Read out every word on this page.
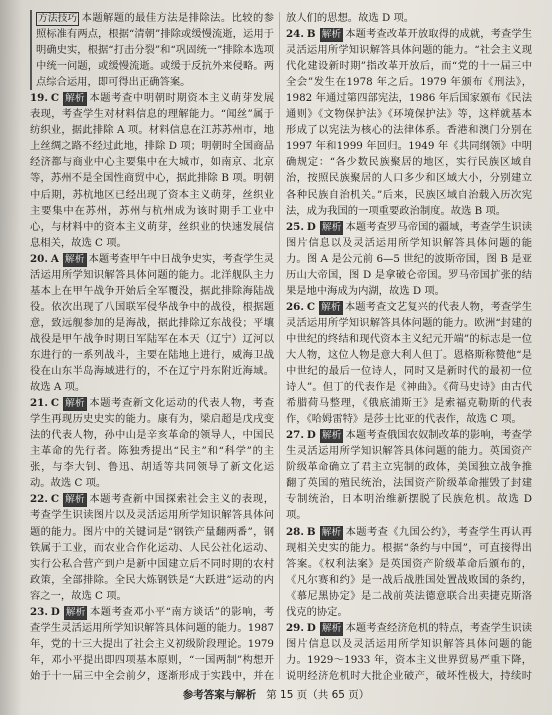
方法技巧 本题解题的最佳方法是排除法。比较的参照标准有两点，根据“清朝”排除或缓慢流逝，运用于明确史实，根据“打击分裂”和“巩固统一”排除本选项中统一问题，或缓慢流逝。或缓于反抗外来侵略。两点综合运用，即可得出正确答案。

19. C 解析 本题考查中明朝时期资本主义萌芽发展表现，考查学生对材料信息的理解能力。“闻丝”属于纺织业，据此排除 A 项。材料信息在江苏苏州市，地上丝绸之路不经过此地，排除 D 项；明朝时全国商品经济都与商业中心主要集中在大城市，如南京、北京等，苏州不是全国性商贸中心，据此排除 B 项。明朝中后期，苏杭地区已经出现了资本主义萌芽，丝织业主要集中在苏州，苏州与杭州成为该时期手工业中心，与材料中的资本主义萌芽，丝织业的快速发展信息相关，故选 C 项。

20. A 解析 本题考查甲午中日战争史实，考查学生灵活运用所学知识解答具体问题的能力。北洋舰队主力基本上在甲午战争开始后全军覆没，据此排除海陆战役。依次出现了八国联军侵华战争中的战役，根据题意，致远舰参加的是海战，据此排除辽东战役；平壤战役是甲午战争时期日军陆军在本天（辽宁）辽河以东进行的一系列战斗，主要在陆地上进行，威海卫战役在山东半岛海域进行的，不在辽宁丹东附近海域。故选 A 项。

21. C 解析 本题考查新文化运动的代表人物，考查学生再现历史史实的能力。康有为，梁启超是戊戌变法的代表人物，孙中山是辛亥革命的领导人，中国民主革命的先行者。陈独秀提出“民主”和“科学”的主张，与李大钊、鲁迅、胡适等共同领导了新文化运动。故选 C 项。

22. C 解析 本题考查新中国探索社会主义的表现，考查学生识读图片以及灵活运用所学知识解答具体问题的能力。图片中的关键词是“钢铁产量翻两番”，钢铁属于工业，而农业合作化运动、人民公社化运动、实行公私合营产到户是新中国建立后不同时期的农村政策，全部排除。全民大炼钢铁是“大跃进”运动的内容之一，故选 C 项。

23. D 解析 本题考查邓小平“南方谈话”的影响，考查学生灵活运用所学知识解答具体问题的能力。1987年，党的十三大提出了社会主义初级阶段理论。1979 年，邓小平提出即四项基本原则，“一国两制”构想开始于十一届三中全会前夕，逐渐形成于实践中，并在

放人们的思想。故选 D 项。

24. B 解析 本题考查改革开放取得的成就，考查学生灵活运用所学知识解答具体问题的能力。“社会主义现代化建设新时期”指改革开放后，而“党的十一届三中全会”发生在1978 年之后。1979 年颁布《刑法》，1982 年通过第四部宪法，1986 年后国家颁布《民法通则》《文物保护法》《环境保护法》等，这样就基本形成了以宪法为核心的法律体系。香港和澳门分别在1997 年和1999 年回归。1949 年《共同纲领》中明确规定：“各少数民族聚居的地区，实行民族区域自治，按照民族聚居的人口多少和区域大小，分别建立各种民族自治机关。”后来，民族区域自治载入历次宪法，成为我国的一项重要政治制度。故选 B 项。

25. D 解析 本题考查罗马帝国的疆域，考查学生识读图片信息以及灵活运用所学知识解答具体问题的能力。图 A 是公元前 6—5 世纪的波斯帝国，图 B 是亚历山大帝国，图 D 是拿破仑帝国。罗马帝国扩张的结果是地中海成为内湖，故选 D 项。

26. C 解析 本题考查文艺复兴的代表人物，考查学生灵活运用所学知识解答具体问题的能力。欧洲“封建的中世纪的终结和现代资本主义纪元开端”的标志是一位大人物，这位人物是意大利人但丁。恩格斯称赞他“是中世纪的最后一位诗人，同时又是新时代的最初一位诗人”。但丁的代表作是《神曲》。《荷马史诗》由古代希腊荷马整理，《俄底浦斯王》是索福克勒斯的代表作，《哈姆雷特》是莎士比亚的代表作，故选 C 项。

27. D 解析 本题考查俄国农奴制改革的影响，考查学生灵活运用所学知识解答具体问题的能力。英国资产阶级革命确立了君主立宪制的政体，美国独立战争推翻了英国的殖民统治，法国资产阶级革命摧毁了封建专制统治，日本明治维新摆脱了民族危机。故选 D 项。

28. B 解析 本题考查《九国公约》，考查学生再认再现相关史实的能力。根据“条约与中国”，可直接得出答案。《权利法案》是英国资产阶级革命后颁布的，《凡尔赛和约》是一战后战胜国处置战败国的条约，《慕尼黑协定》是二战前英法德意联合出卖捷克斯洛伐克的协定。

29. D 解析 本题考查经济危机的特点，考查学生识读图片信息以及灵活运用所学知识解答具体问题的能力。1929～1933 年，资本主义世界贸易严重下降，说明经济危机时大批企业破产，破坏性极大，持续时

参考答案与解析 第 15 页（共 65 页）
